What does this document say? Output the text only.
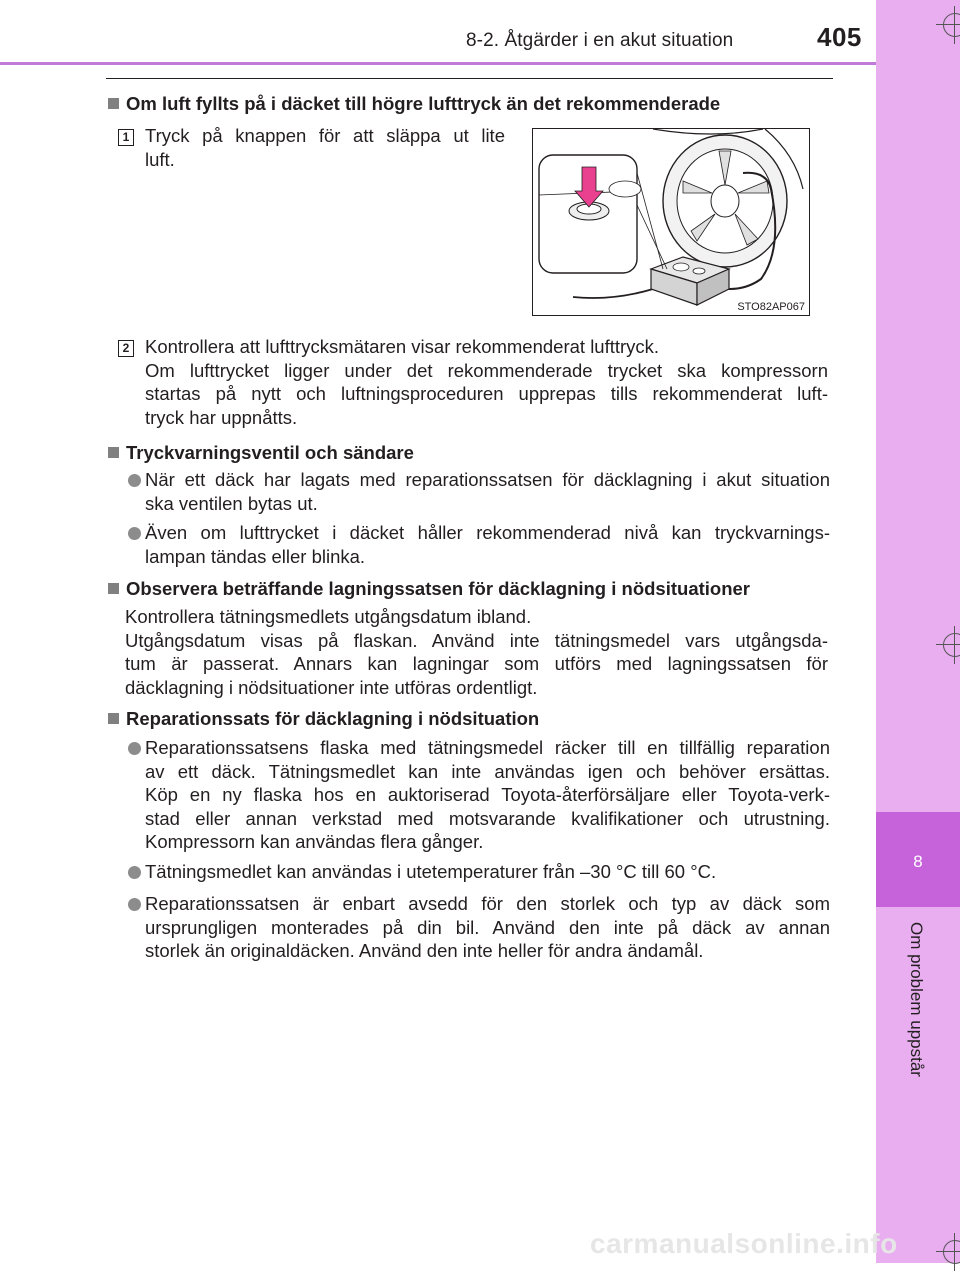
8-2. Åtgärder i en akut situation	405
8
Om problem uppstår
Om luft fyllts på i däcket till högre lufttryck än det rekommenderade
1 Tryck på knappen för att släppa ut lite
luft.
STO82AP067
2 Kontrollera att lufttrycksmätaren visar rekommenderat lufttryck.
Om lufttrycket ligger under det rekommenderade trycket ska kompressorn
startas på nytt och luftningsproceduren upprepas tills rekommenderat luft-
tryck har uppnåtts.
Tryckvarningsventil och sändare
När ett däck har lagats med reparationssatsen för däcklagning i akut situation
ska ventilen bytas ut.
Även om lufttrycket i däcket håller rekommenderad nivå kan tryckvarnings-
lampan tändas eller blinka.
Observera beträffande lagningssatsen för däcklagning i nödsituationer
Kontrollera tätningsmedlets utgångsdatum ibland.
Utgångsdatum visas på flaskan. Använd inte tätningsmedel vars utgångsda-
tum är passerat. Annars kan lagningar som utförs med lagningssatsen för
däcklagning i nödsituationer inte utföras ordentligt.
Reparationssats för däcklagning i nödsituation
Reparationssatsens flaska med tätningsmedel räcker till en tillfällig reparation
av ett däck. Tätningsmedlet kan inte användas igen och behöver ersättas.
Köp en ny flaska hos en auktoriserad Toyota-återförsäljare eller Toyota-verk-
stad eller annan verkstad med motsvarande kvalifikationer och utrustning.
Kompressorn kan användas flera gånger.
Tätningsmedlet kan användas i utetemperaturer från –30 °C till 60 °C.
Reparationssatsen är enbart avsedd för den storlek och typ av däck som
ursprungligen monterades på din bil. Använd den inte på däck av annan
storlek än originaldäcken. Använd den inte heller för andra ändamål.
carmanualsonline.info
